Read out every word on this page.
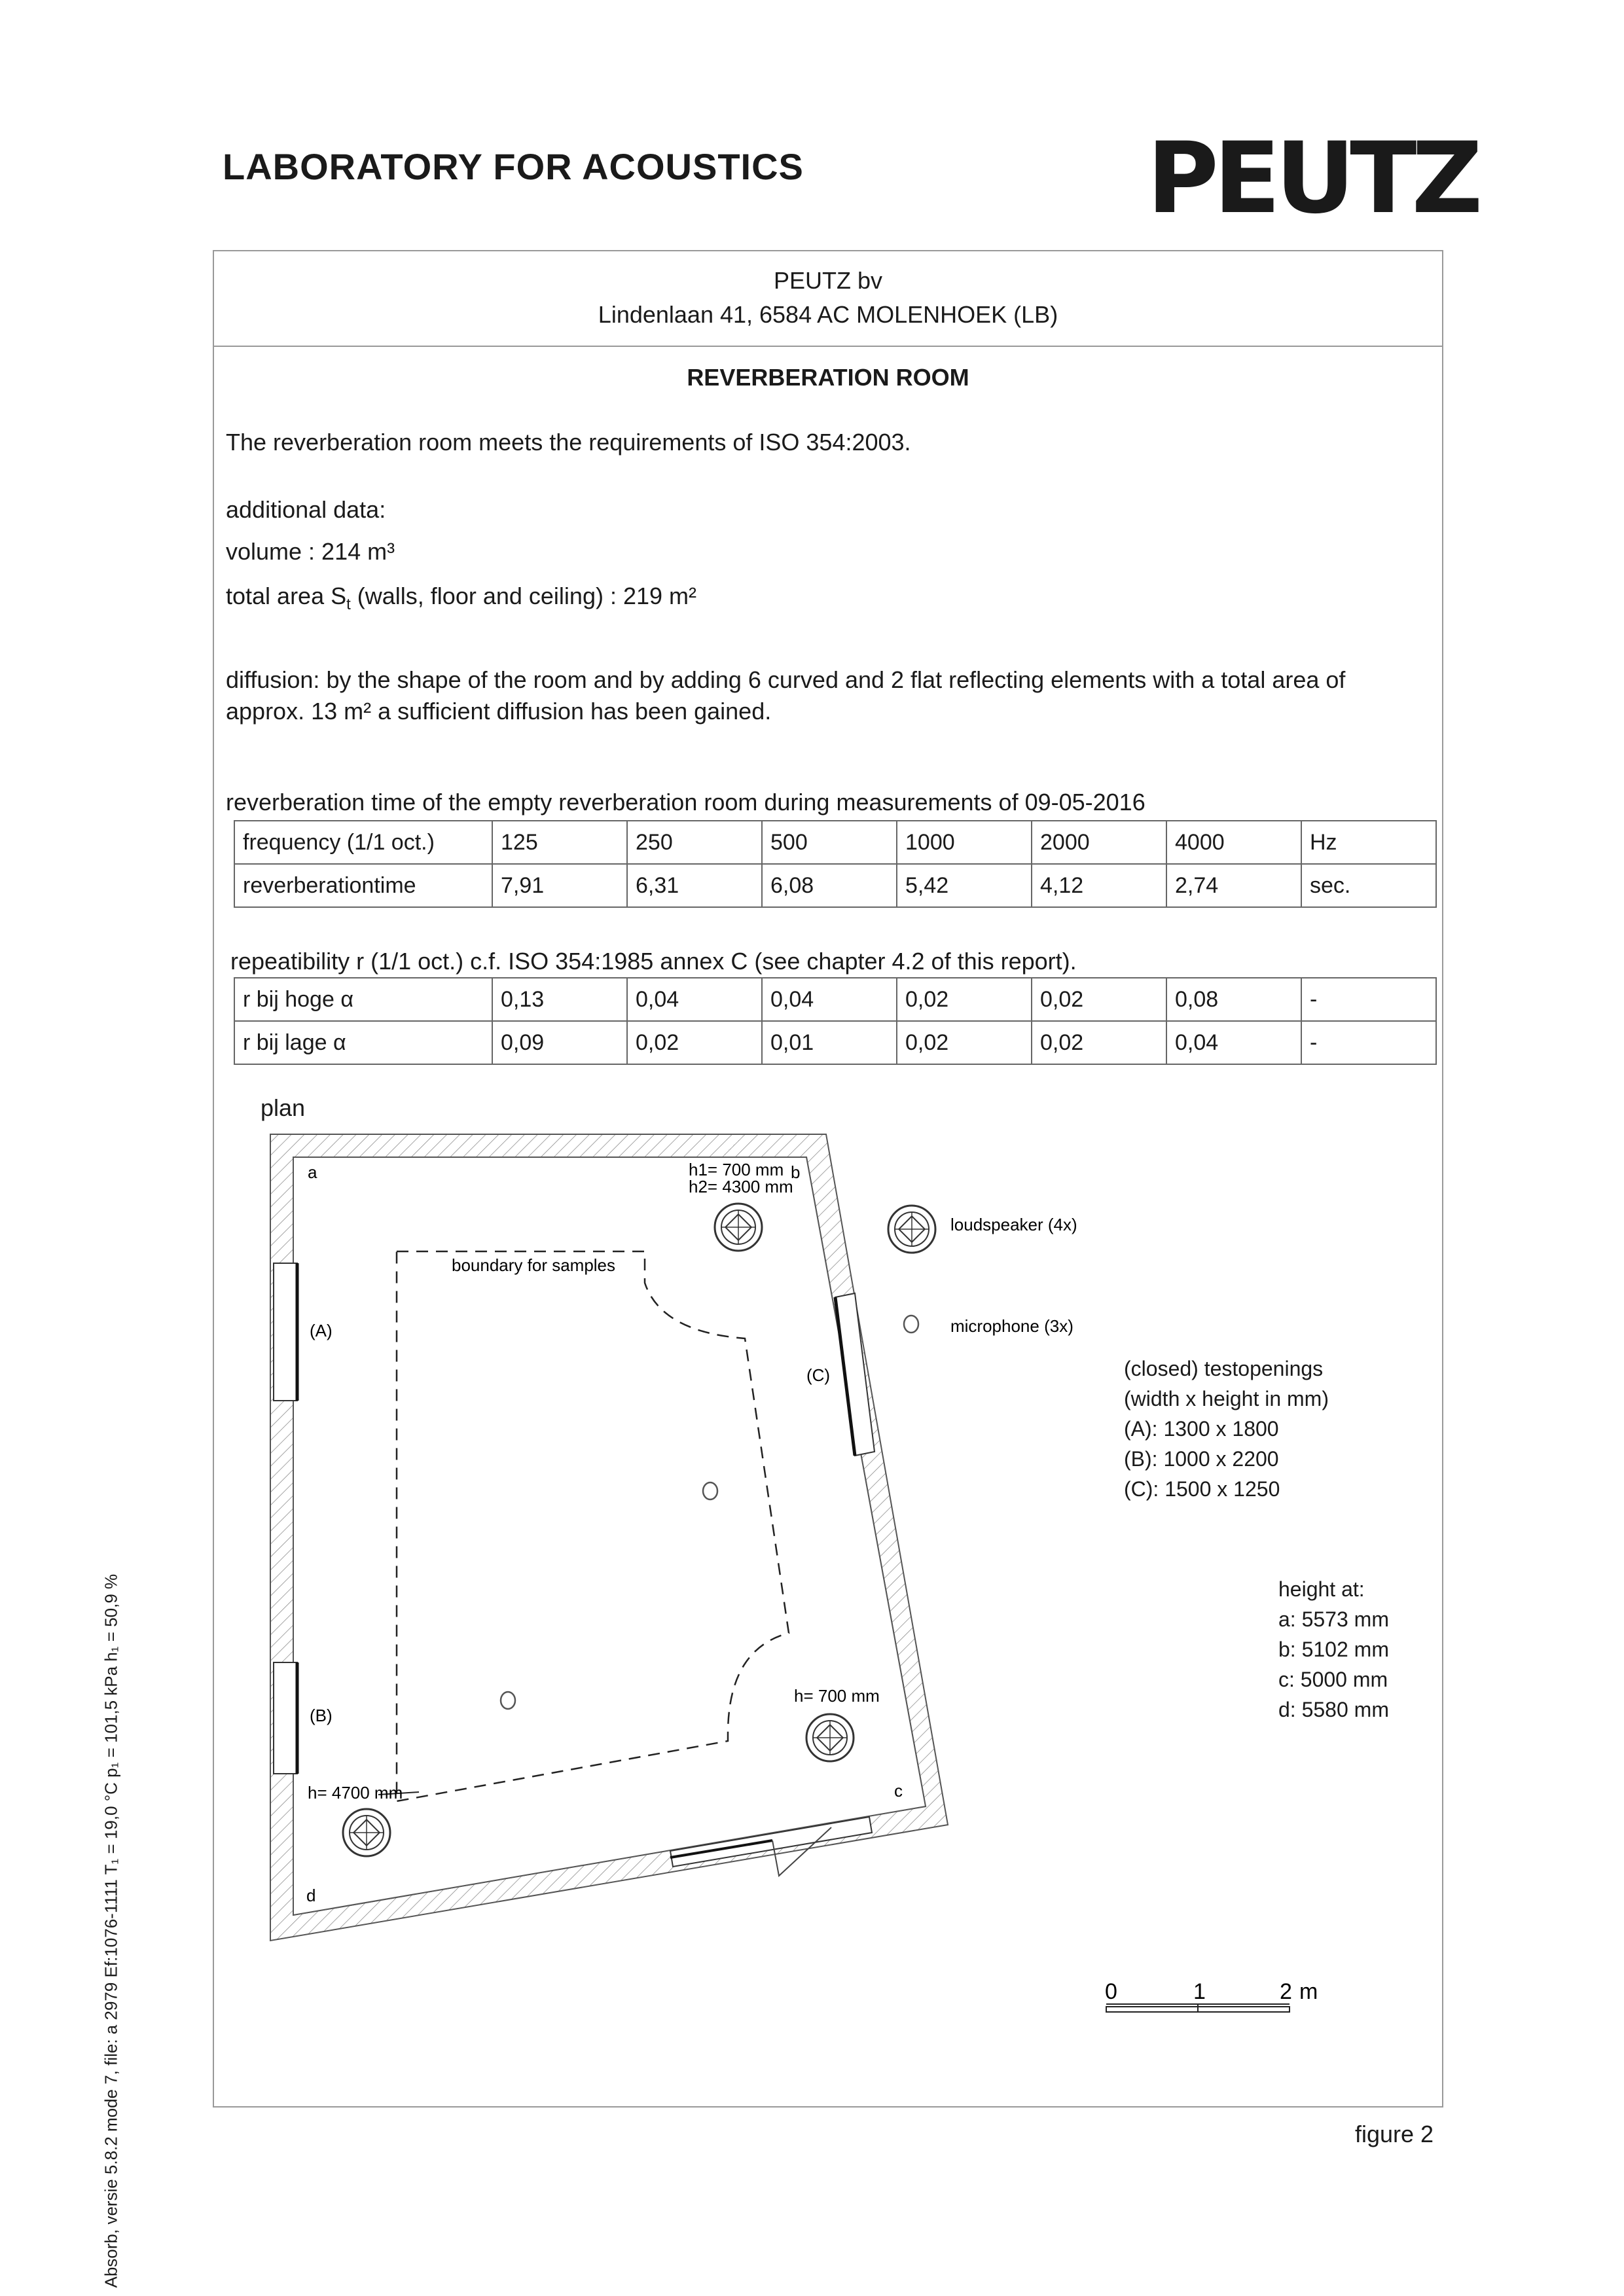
LABORATORY FOR ACOUSTICS	PEUTZ
PEUTZ bv
Lindenlaan 41, 6584 AC MOLENHOEK (LB)
REVERBERATION ROOM
The reverberation room meets the requirements of ISO 354:2003.
additional data:
volume : 214 m³
total area $S_t$ (walls, floor and ceiling) : 219 m²
diffusion: by the shape of the room and by adding 6 curved and 2 flat reflecting elements with a total area of
approx. 13 m² a sufficient diffusion has been gained.
reverberation time of the empty reverberation room during measurements of 09-05-2016
frequency (1/1 oct.)	125	250	500	1000	2000	4000	Hz
reverberationtime	7,91	6,31	6,08	5,42	4,12	2,74	sec.
repeatibility r (1/1 oct.) c.f. ISO 354:1985 annex C (see chapter 4.2 of this report).
r bij hoge α	0,13	0,04	0,04	0,02	0,02	0,08	-
r bij lage α	0,09	0,02	0,01	0,02	0,02	0,04	-
plan
a	b
c
d
h1= 700 mm
h2= 4300 mm
boundary for samples
(A)
(B)
(C)
h= 700 mm
h= 4700 mm
loudspeaker (4x)
microphone (3x)
0	1	2 m
(closed) testopenings
(width x height in mm)
(A): 1300 x 1800
(B): 1000 x 2200
(C): 1500 x 1250
height at:
a: 5573 mm
b: 5102 mm
c: 5000 mm
d: 5580 mm
Absorb, versie 5.8.2 mode 7, file: a 2979 Ef:1076-1111 T₁ = 19,0 °C p₁ = 101,5 kPa h₁ = 50,9 %	figure 2
